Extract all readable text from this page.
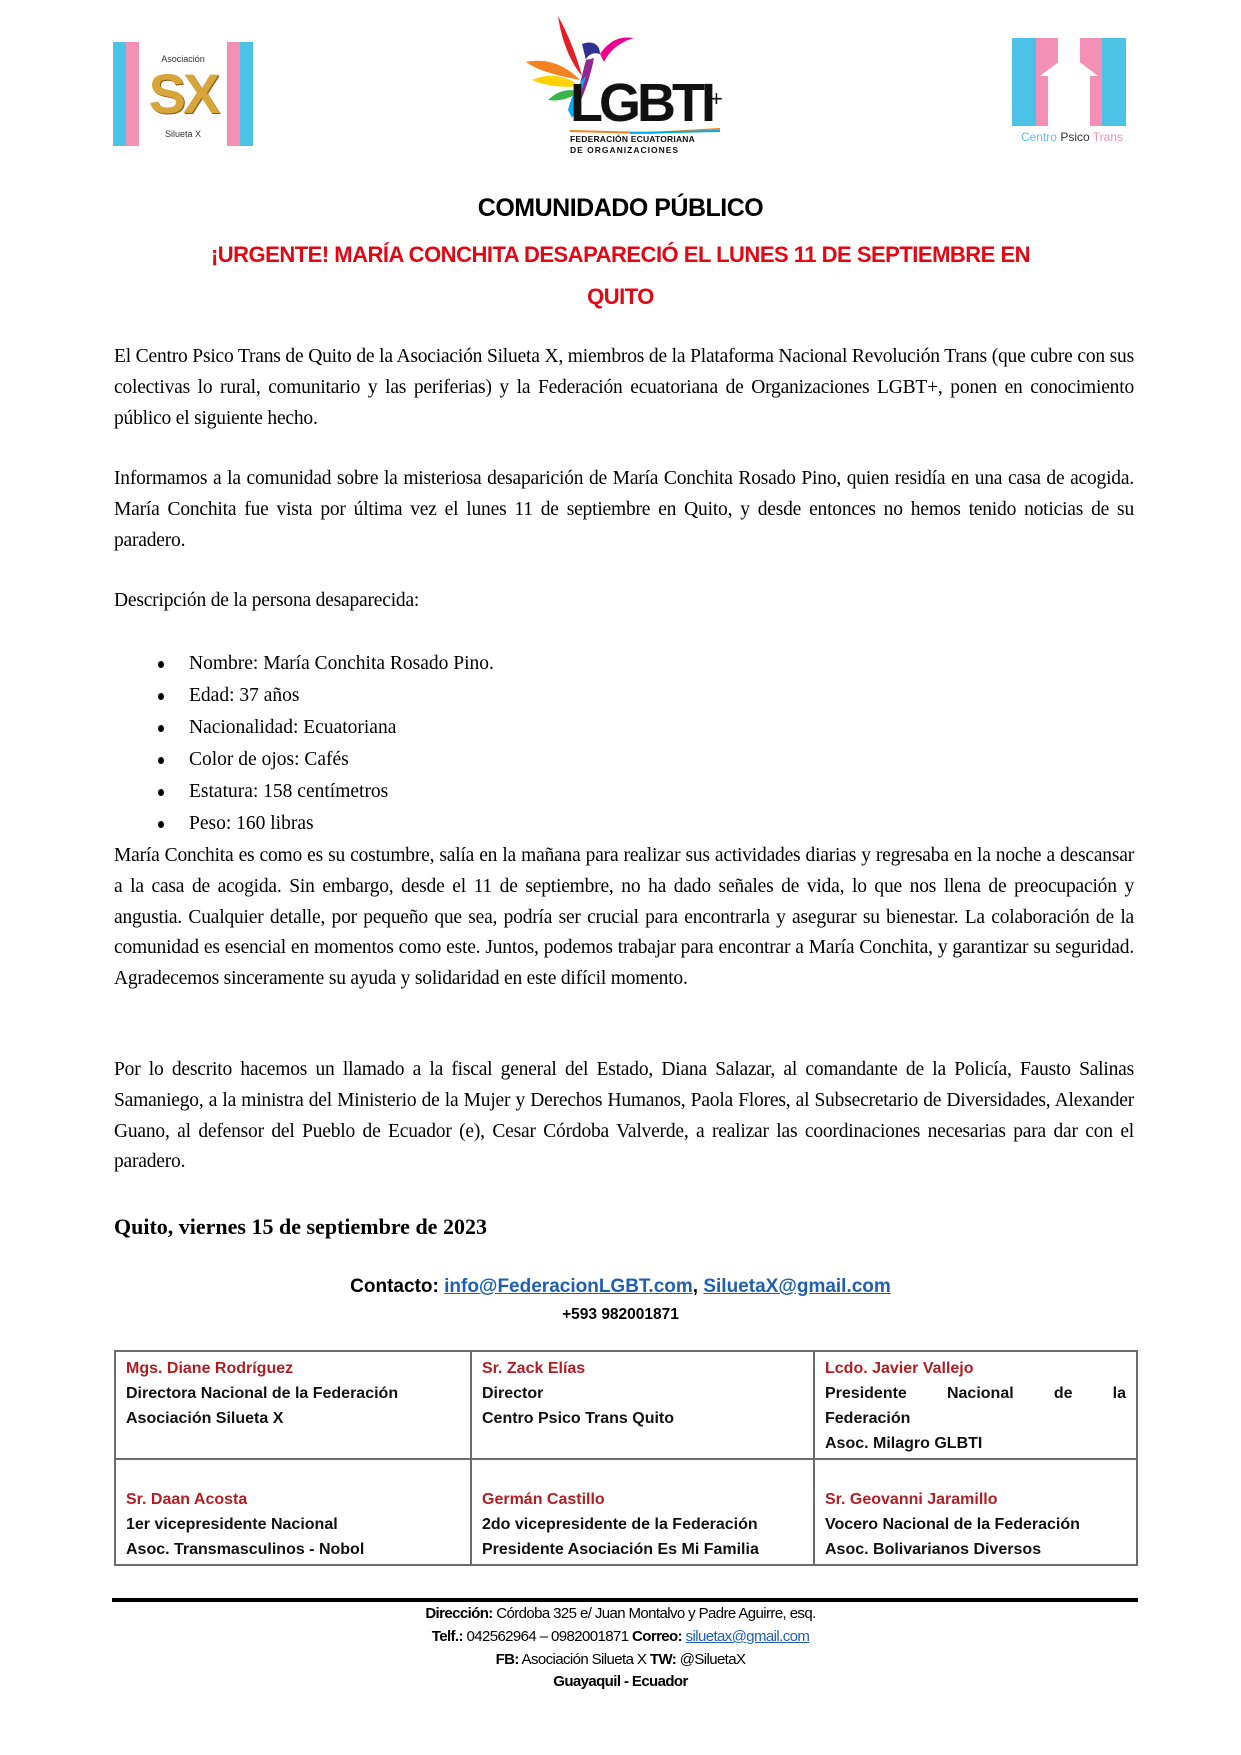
Asociación
SX
Silueta X
LGBTI
+
FEDERACIÓN ECUATORIANA
DE ORGANIZACIONES
Centro Psico Trans
COMUNIDADO PÚBLICO
¡URGENTE! MARÍA CONCHITA DESAPARECIÓ EL LUNES 11 DE SEPTIEMBRE EN
QUITO
El Centro Psico Trans de Quito de la Asociación Silueta X, miembros de la Plataforma Nacional Revolución Trans (que cubre con sus colectivas lo rural, comunitario y las periferias) y la Federación ecuatoriana de Organizaciones LGBT+, ponen en conocimiento público el siguiente hecho.
Informamos a la comunidad sobre la misteriosa desaparición de María Conchita Rosado Pino, quien residía en una casa de acogida. María Conchita fue vista por última vez el lunes 11 de septiembre en Quito, y desde entonces no hemos tenido noticias de su paradero.
Descripción de la persona desaparecida:
Nombre: María Conchita Rosado Pino.
Edad: 37 años
Nacionalidad: Ecuatoriana
Color de ojos: Cafés
Estatura: 158 centímetros
Peso: 160 libras
María Conchita es como es su costumbre, salía en la mañana para realizar sus actividades diarias y regresaba en la noche a descansar a la casa de acogida. Sin embargo, desde el 11 de septiembre, no ha dado señales de vida, lo que nos llena de preocupación y angustia. Cualquier detalle, por pequeño que sea, podría ser crucial para encontrarla y asegurar su bienestar. La colaboración de la comunidad es esencial en momentos como este. Juntos, podemos trabajar para encontrar a María Conchita, y garantizar su seguridad. Agradecemos sinceramente su ayuda y solidaridad en este difícil momento.
Por lo descrito hacemos un llamado a la fiscal general del Estado, Diana Salazar, al comandante de la Policía, Fausto Salinas Samaniego, a la ministra del Ministerio de la Mujer y Derechos Humanos, Paola Flores, al Subsecretario de Diversidades, Alexander Guano, al defensor del Pueblo de Ecuador (e), Cesar Córdoba Valverde, a realizar las coordinaciones necesarias para dar con el paradero.
Quito, viernes 15 de septiembre de 2023
Contacto: info@FederacionLGBT.com, SiluetaX@gmail.com
+593 982001871
Mgs. Diane Rodríguez
Directora Nacional de la Federación
Asociación Silueta X	Sr. Zack Elías
Director
Centro Psico Trans Quito	Lcdo. Javier Vallejo
Presidente Nacional de la
Federación
Asoc. Milagro GLBTI

Sr. Daan Acosta
1er vicepresidente Nacional
Asoc. Transmasculinos - Nobol	Germán Castillo
2do vicepresidente de la Federación
Presidente Asociación Es Mi Familia	Sr. Geovanni Jaramillo
Vocero Nacional de la Federación
Asoc. Bolivarianos Diversos
Dirección: Córdoba 325 e/ Juan Montalvo y Padre Aguirre, esq.
Telf.: 042562964 – 0982001871 Correo: siluetax@gmail.com
FB: Asociación Silueta X TW: @SiluetaX
Guayaquil - Ecuador
